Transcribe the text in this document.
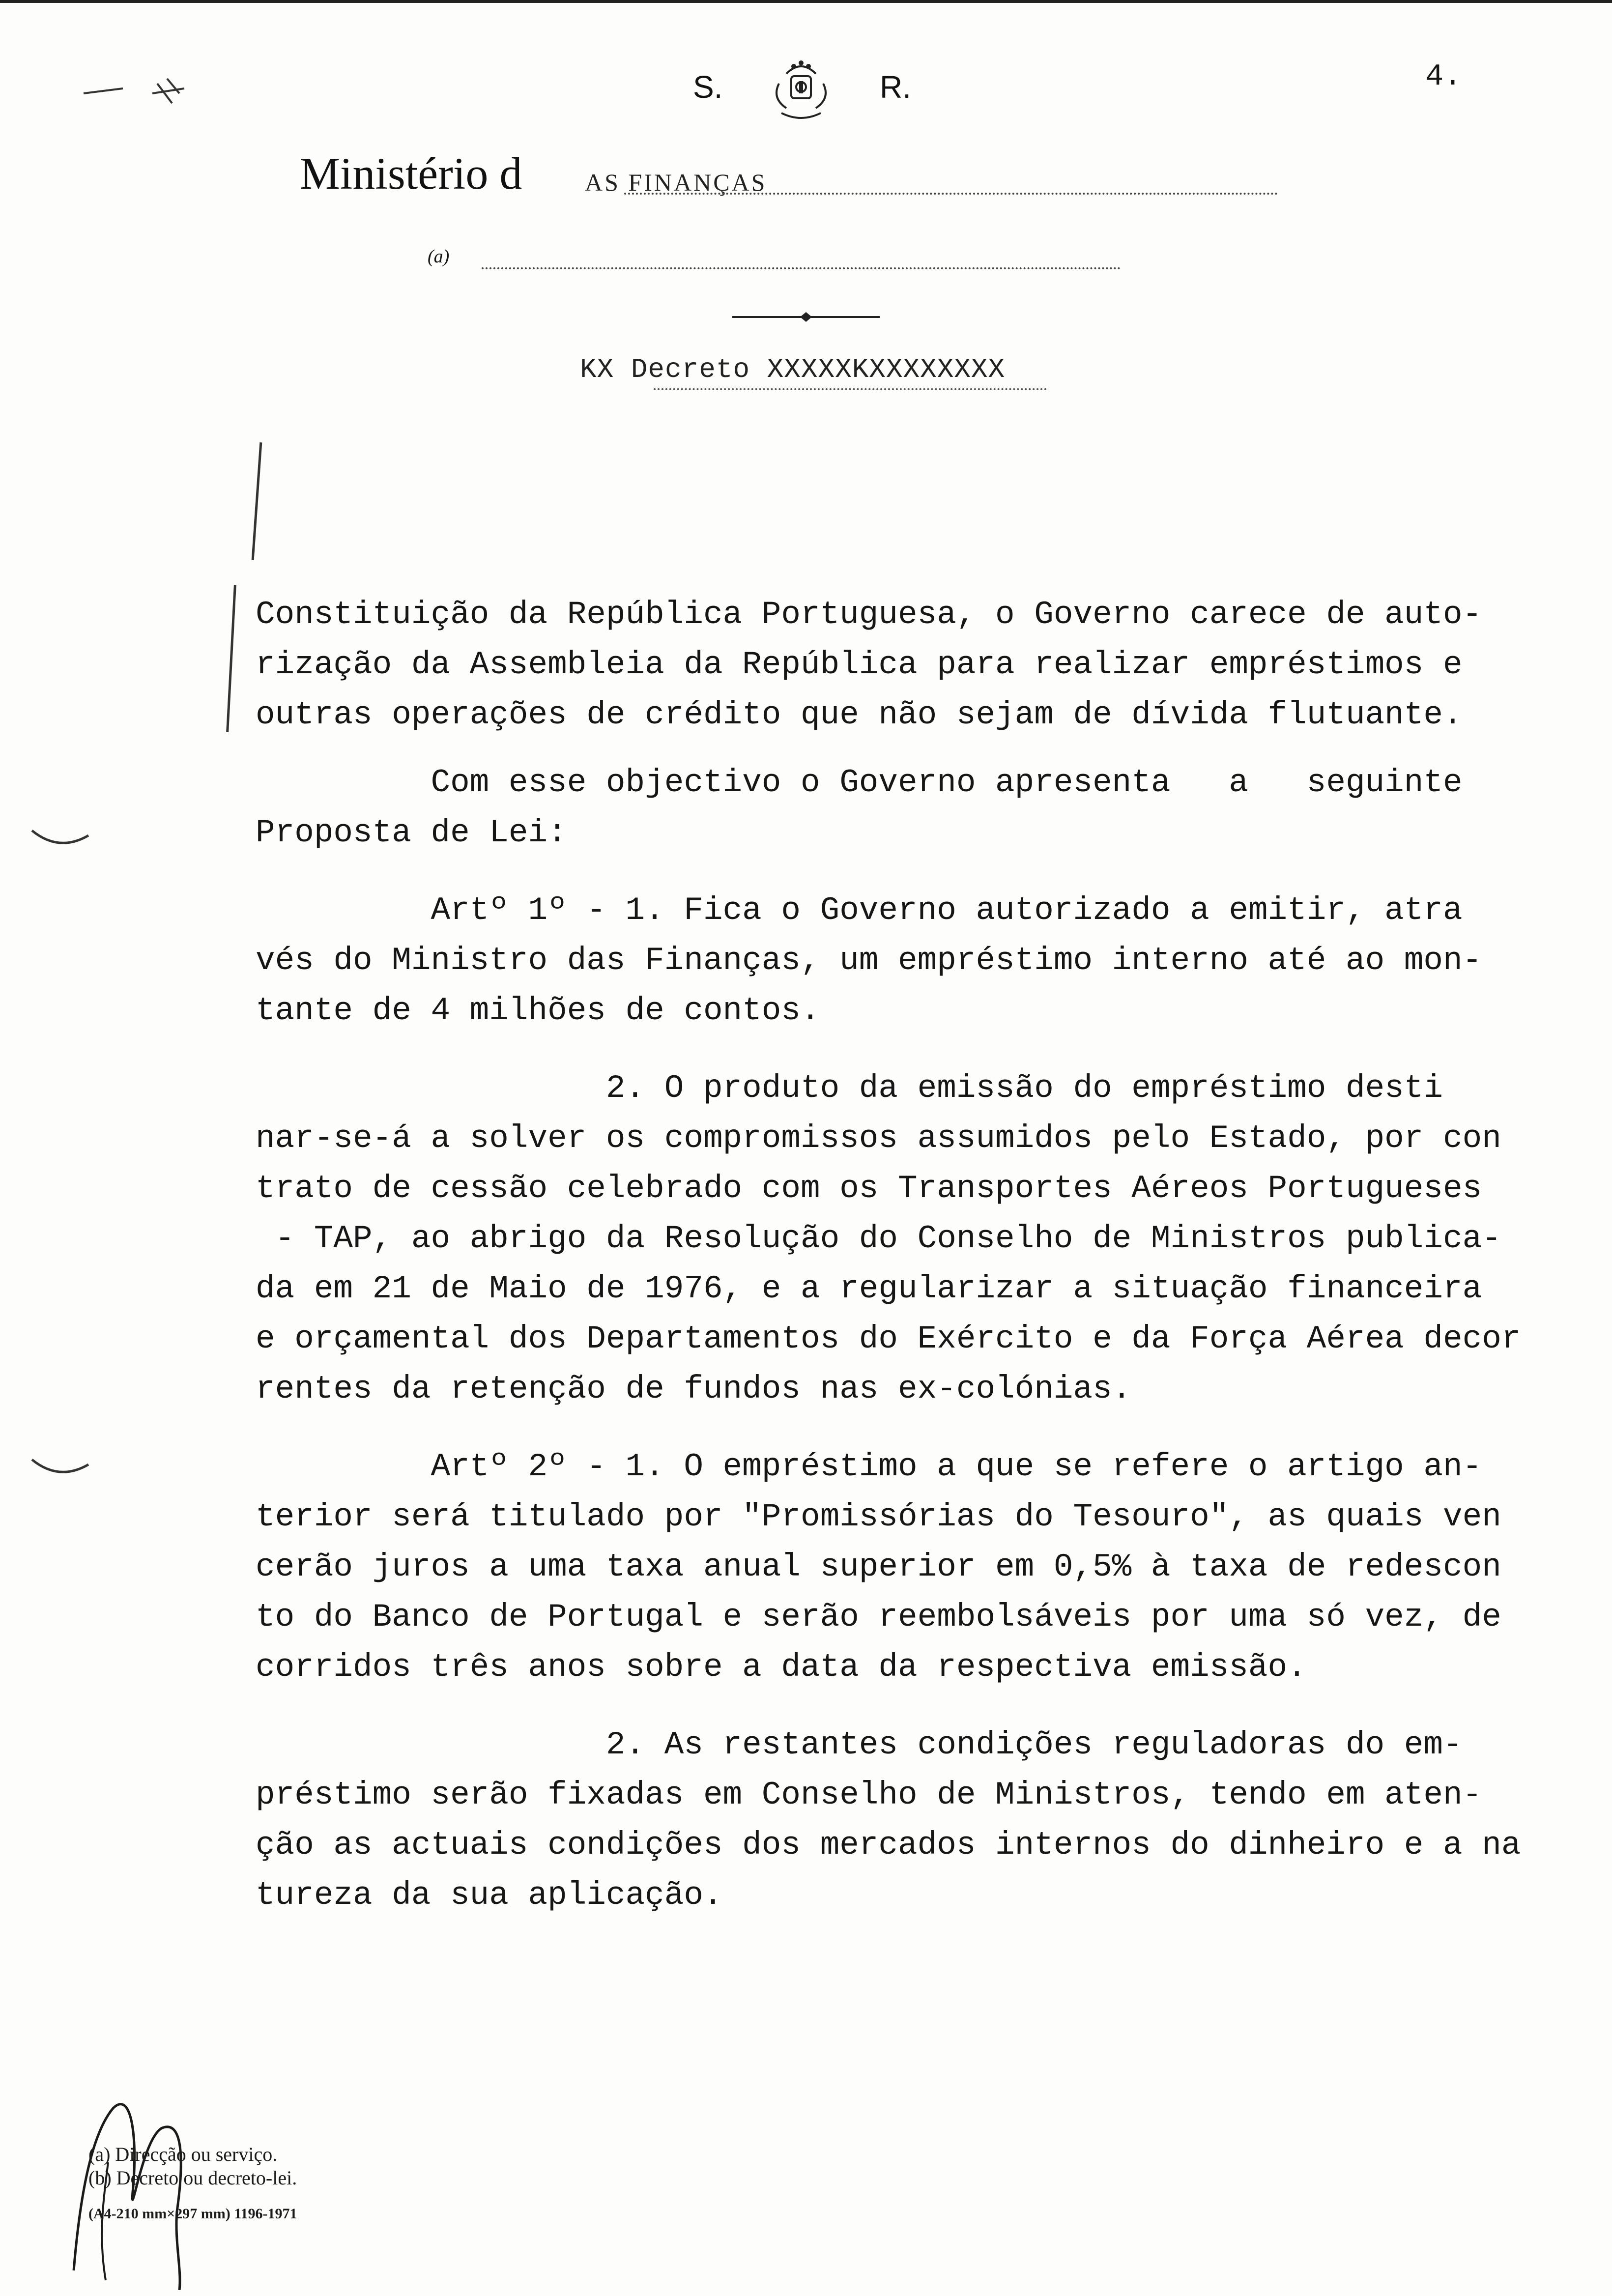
S.	R.	4.
Ministério d	AS FINANÇAS
(a)
KX Decreto XXXXXKXXXXXXXX

Constituição da República Portuguesa, o Governo carece de auto-

rização da Assembleia da República para realizar empréstimos e

outras operações de crédito que não sejam de dívida flutuante.

Com esse objectivo o Governo apresenta   a   seguinte

Proposta de Lei:

Artº 1º - 1. Fica o Governo autorizado a emitir, atra

vés do Ministro das Finanças, um empréstimo interno até ao mon-

tante de 4 milhões de contos.

2. O produto da emissão do empréstimo desti

nar-se-á a solver os compromissos assumidos pelo Estado, por con

trato de cessão celebrado com os Transportes Aéreos Portugueses

- TAP, ao abrigo da Resolução do Conselho de Ministros publica-

da em 21 de Maio de 1976, e a regularizar a situação financeira

e orçamental dos Departamentos do Exército e da Força Aérea decor

rentes da retenção de fundos nas ex-colónias.

Artº 2º - 1. O empréstimo a que se refere o artigo an-

terior será titulado por "Promissórias do Tesouro", as quais ven

cerão juros a uma taxa anual superior em 0,5% à taxa de redescon

to do Banco de Portugal e serão reembolsáveis por uma só vez, de

corridos três anos sobre a data da respectiva emissão.

2. As restantes condições reguladoras do em-

préstimo serão fixadas em Conselho de Ministros, tendo em aten-

ção as actuais condições dos mercados internos do dinheiro e a na

tureza da sua aplicação.

(a) Direcção ou serviço.
(b) Decreto ou decreto-lei.
(A4-210 mm×297 mm) 1196-1971
